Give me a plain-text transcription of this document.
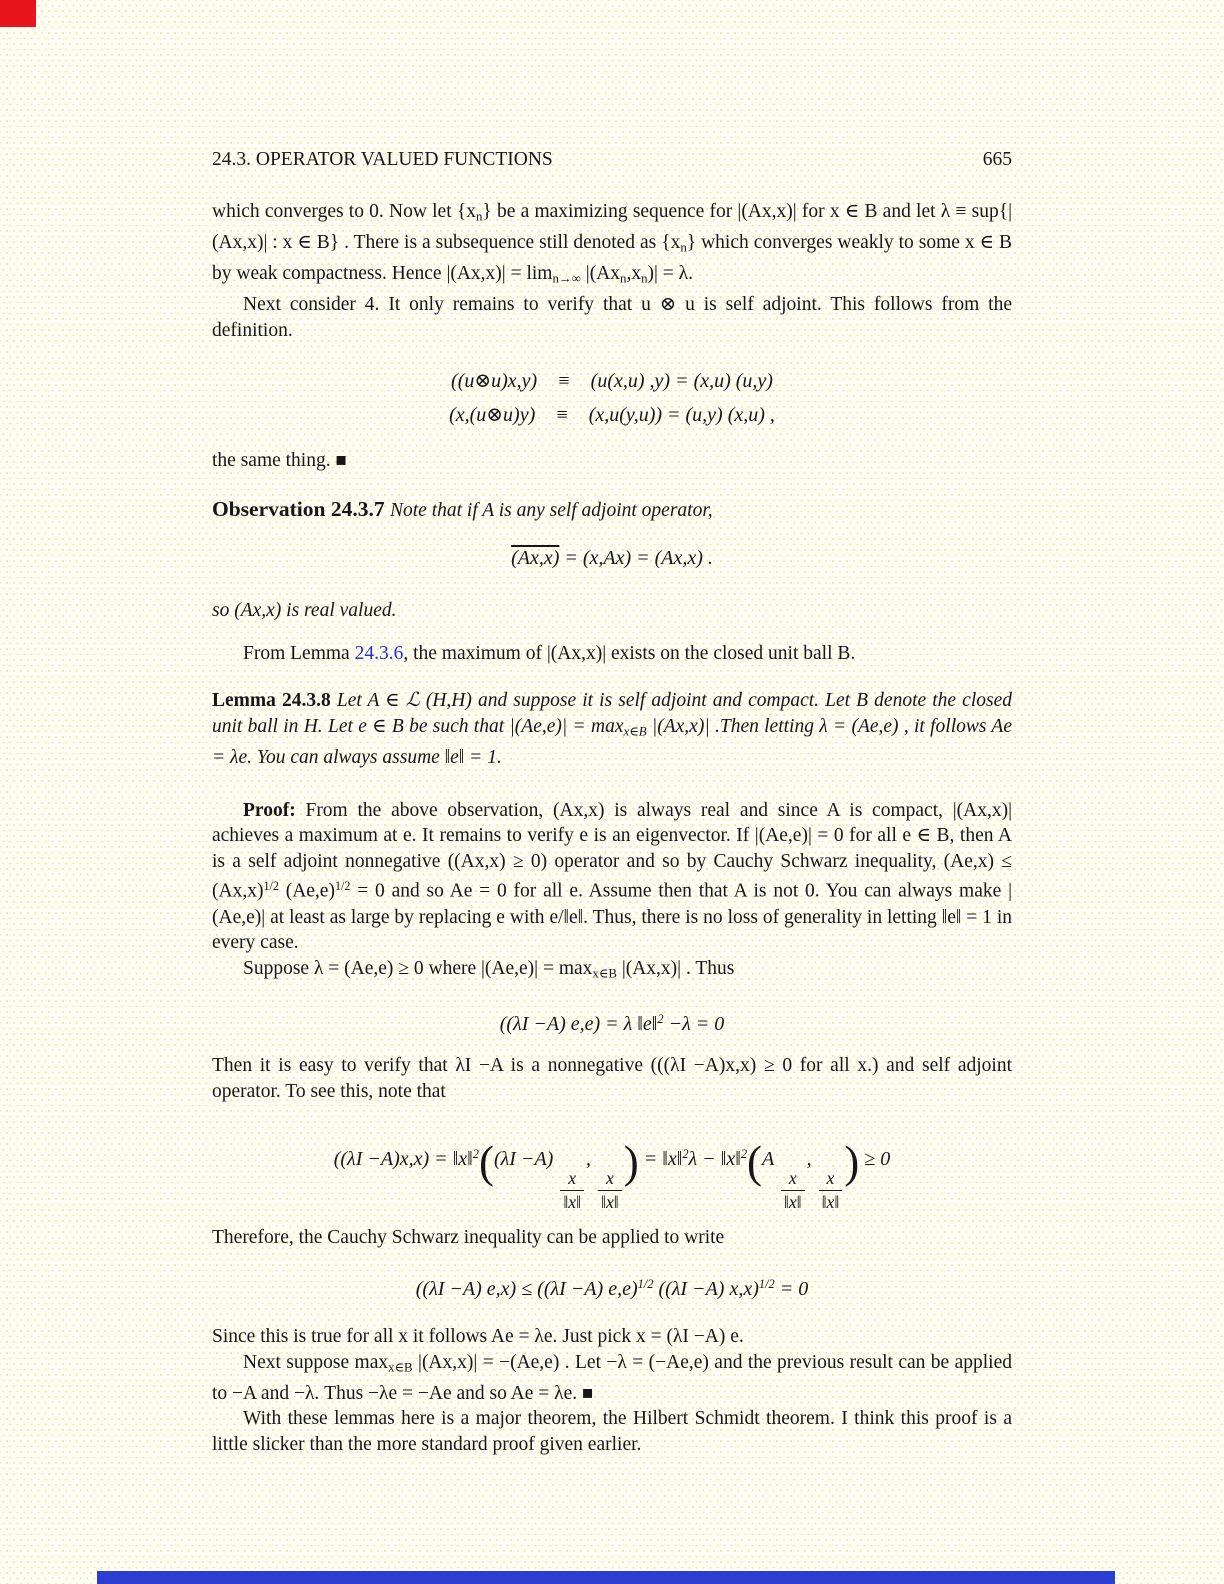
24.3. OPERATOR VALUED FUNCTIONS	665

which converges to 0. Now let $\{x_n\}$ be a maximizing sequence for |(Ax,x)| for x ∈ B and let λ ≡ sup{|(Ax,x)| : x ∈ B} . There is a subsequence still denoted as $\{x_n\}$ which converges weakly to some x ∈ B by weak compactness. Hence $|(Ax,x)| = \lim_{n\to\infty} |(Ax_n,x_n)| = \lambda$.

Next consider 4. It only remains to verify that u ⊗ u is self adjoint. This follows from the definition.

((u⊗u)x,y) ≡ (u(x,u) ,y) = (x,u) (u,y)
(x,(u⊗u)y) ≡ (x,u(y,u)) = (u,y) (x,u) ,

the same thing. ■

Observation 24.3.7 Note that if A is any self adjoint operator,

(Ax,x) = (x,Ax) = (Ax,x) .

so (Ax,x) is real valued.

From Lemma 24.3.6, the maximum of |(Ax,x)| exists on the closed unit ball B.

Lemma 24.3.8 Let A ∈ ℒ (H,H) and suppose it is self adjoint and compact. Let B denote the closed unit ball in H. Let e ∈ B be such that $|(Ae,e)| = \max_{x\in B} |(Ax,x)|$ .Then letting λ = (Ae,e) , it follows Ae = λe. You can always assume ‖e‖ = 1.

Proof: From the above observation, (Ax,x) is always real and since A is compact, |(Ax,x)| achieves a maximum at e. It remains to verify e is an eigenvector. If |(Ae,e)| = 0 for all e ∈ B, then A is a self adjoint nonnegative ((Ax,x) ≥ 0) operator and so by Cauchy Schwarz inequality, $(Ae,x) \le (Ax,x)^{1/2}$ $(Ae,e)^{1/2} = 0$ and so Ae = 0 for all e. Assume then that A is not 0. You can always make |(Ae,e)| at least as large by replacing e with e/‖e‖. Thus, there is no loss of generality in letting ‖e‖ = 1 in every case.

Suppose λ = (Ae,e) ≥ 0 where $|(Ae,e)| = \max_{x\in B} |(Ax,x)|$ . Thus

((λI −A) e,e) = λ ‖e‖$^2$ −λ = 0

Then it is easy to verify that λI −A is a nonnegative (((λI −A)x,x) ≥ 0 for all x.) and self adjoint operator. To see this, note that

((λI −A)x,x) = ‖x‖$^2$((λI −A)
$\frac{x}{‖x‖}$
,
$\frac{x}{‖x‖}$
) = ‖x‖$^2$λ − ‖x‖$^2$(A
$\frac{x}{‖x‖}$
,
$\frac{x}{‖x‖}$
) ≥ 0

Therefore, the Cauchy Schwarz inequality can be applied to write

((λI −A) e,x) ≤ ((λI −A) e,e)$^{1/2}$ ((λI −A) x,x)$^{1/2}$ = 0

Since this is true for all x it follows Ae = λe. Just pick x = (λI −A) e.

Next suppose $\max_{x\in B} |(Ax,x)| = -(Ae,e)$ . Let −λ = (−Ae,e) and the previous result can be applied to −A and −λ. Thus −λe = −Ae and so Ae = λe. ■

With these lemmas here is a major theorem, the Hilbert Schmidt theorem. I think this proof is a little slicker than the more standard proof given earlier.
